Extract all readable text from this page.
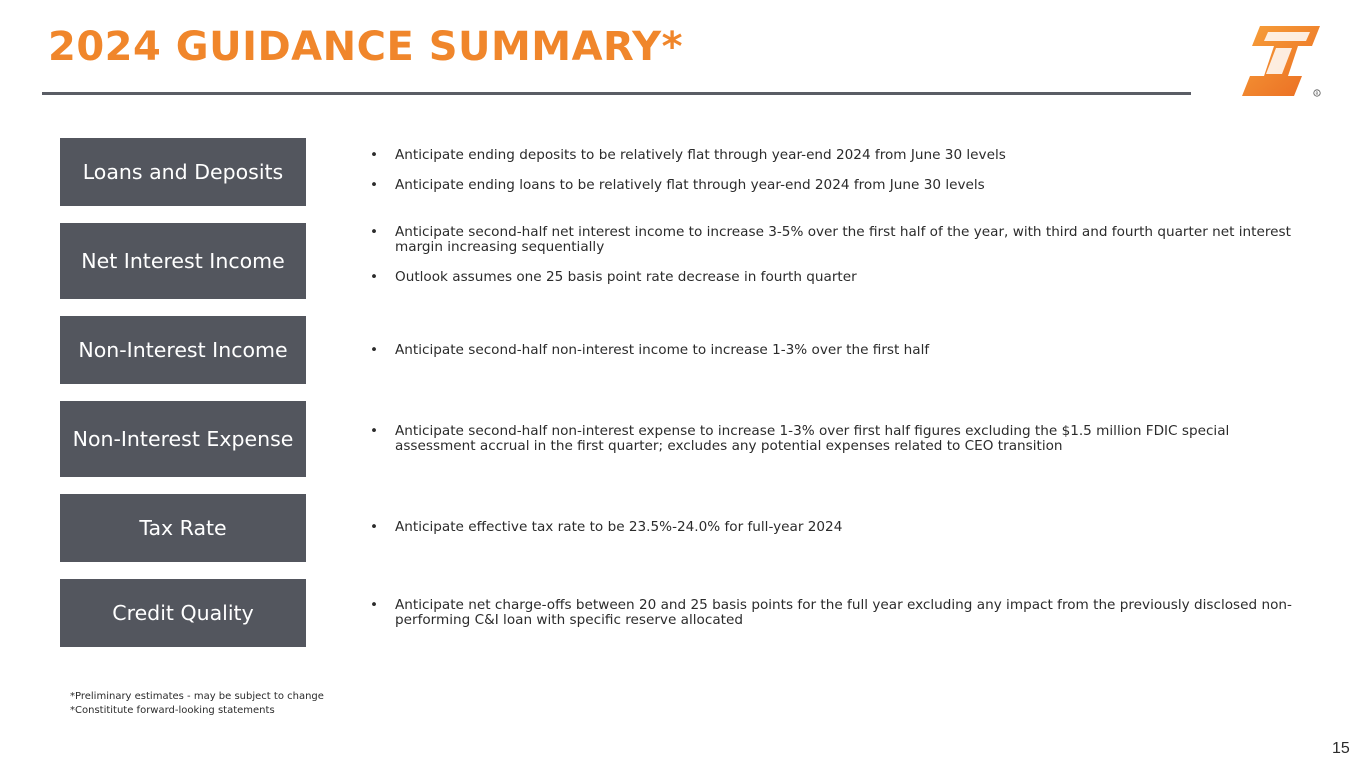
2024 GUIDANCE SUMMARY*
R
Loans and Deposits
• Anticipate ending deposits to be relatively flat through year-end 2024 from June 30 levels
• Anticipate ending loans to be relatively flat through year-end 2024 from June 30 levels
Net Interest Income
• Anticipate second-half net interest income to increase 3-5% over the first half of the year, with third and fourth quarter net interest margin increasing sequentially
• Outlook assumes one 25 basis point rate decrease in fourth quarter
Non-Interest Income	• Anticipate second-half non-interest income to increase 1-3% over the first half
Non-Interest Expense	• Anticipate second-half non-interest expense to increase 1-3% over first half figures excluding the $1.5 million FDIC special assessment accrual in the first quarter; excludes any potential expenses related to CEO transition
Tax Rate	• Anticipate effective tax rate to be 23.5%-24.0% for full-year 2024
Credit Quality	• Anticipate net charge-offs between 20 and 25 basis points for the full year excluding any impact from the previously disclosed non-performing C&I loan with specific reserve allocated
*Preliminary estimates - may be subject to change
*Constititute forward-looking statements
15
